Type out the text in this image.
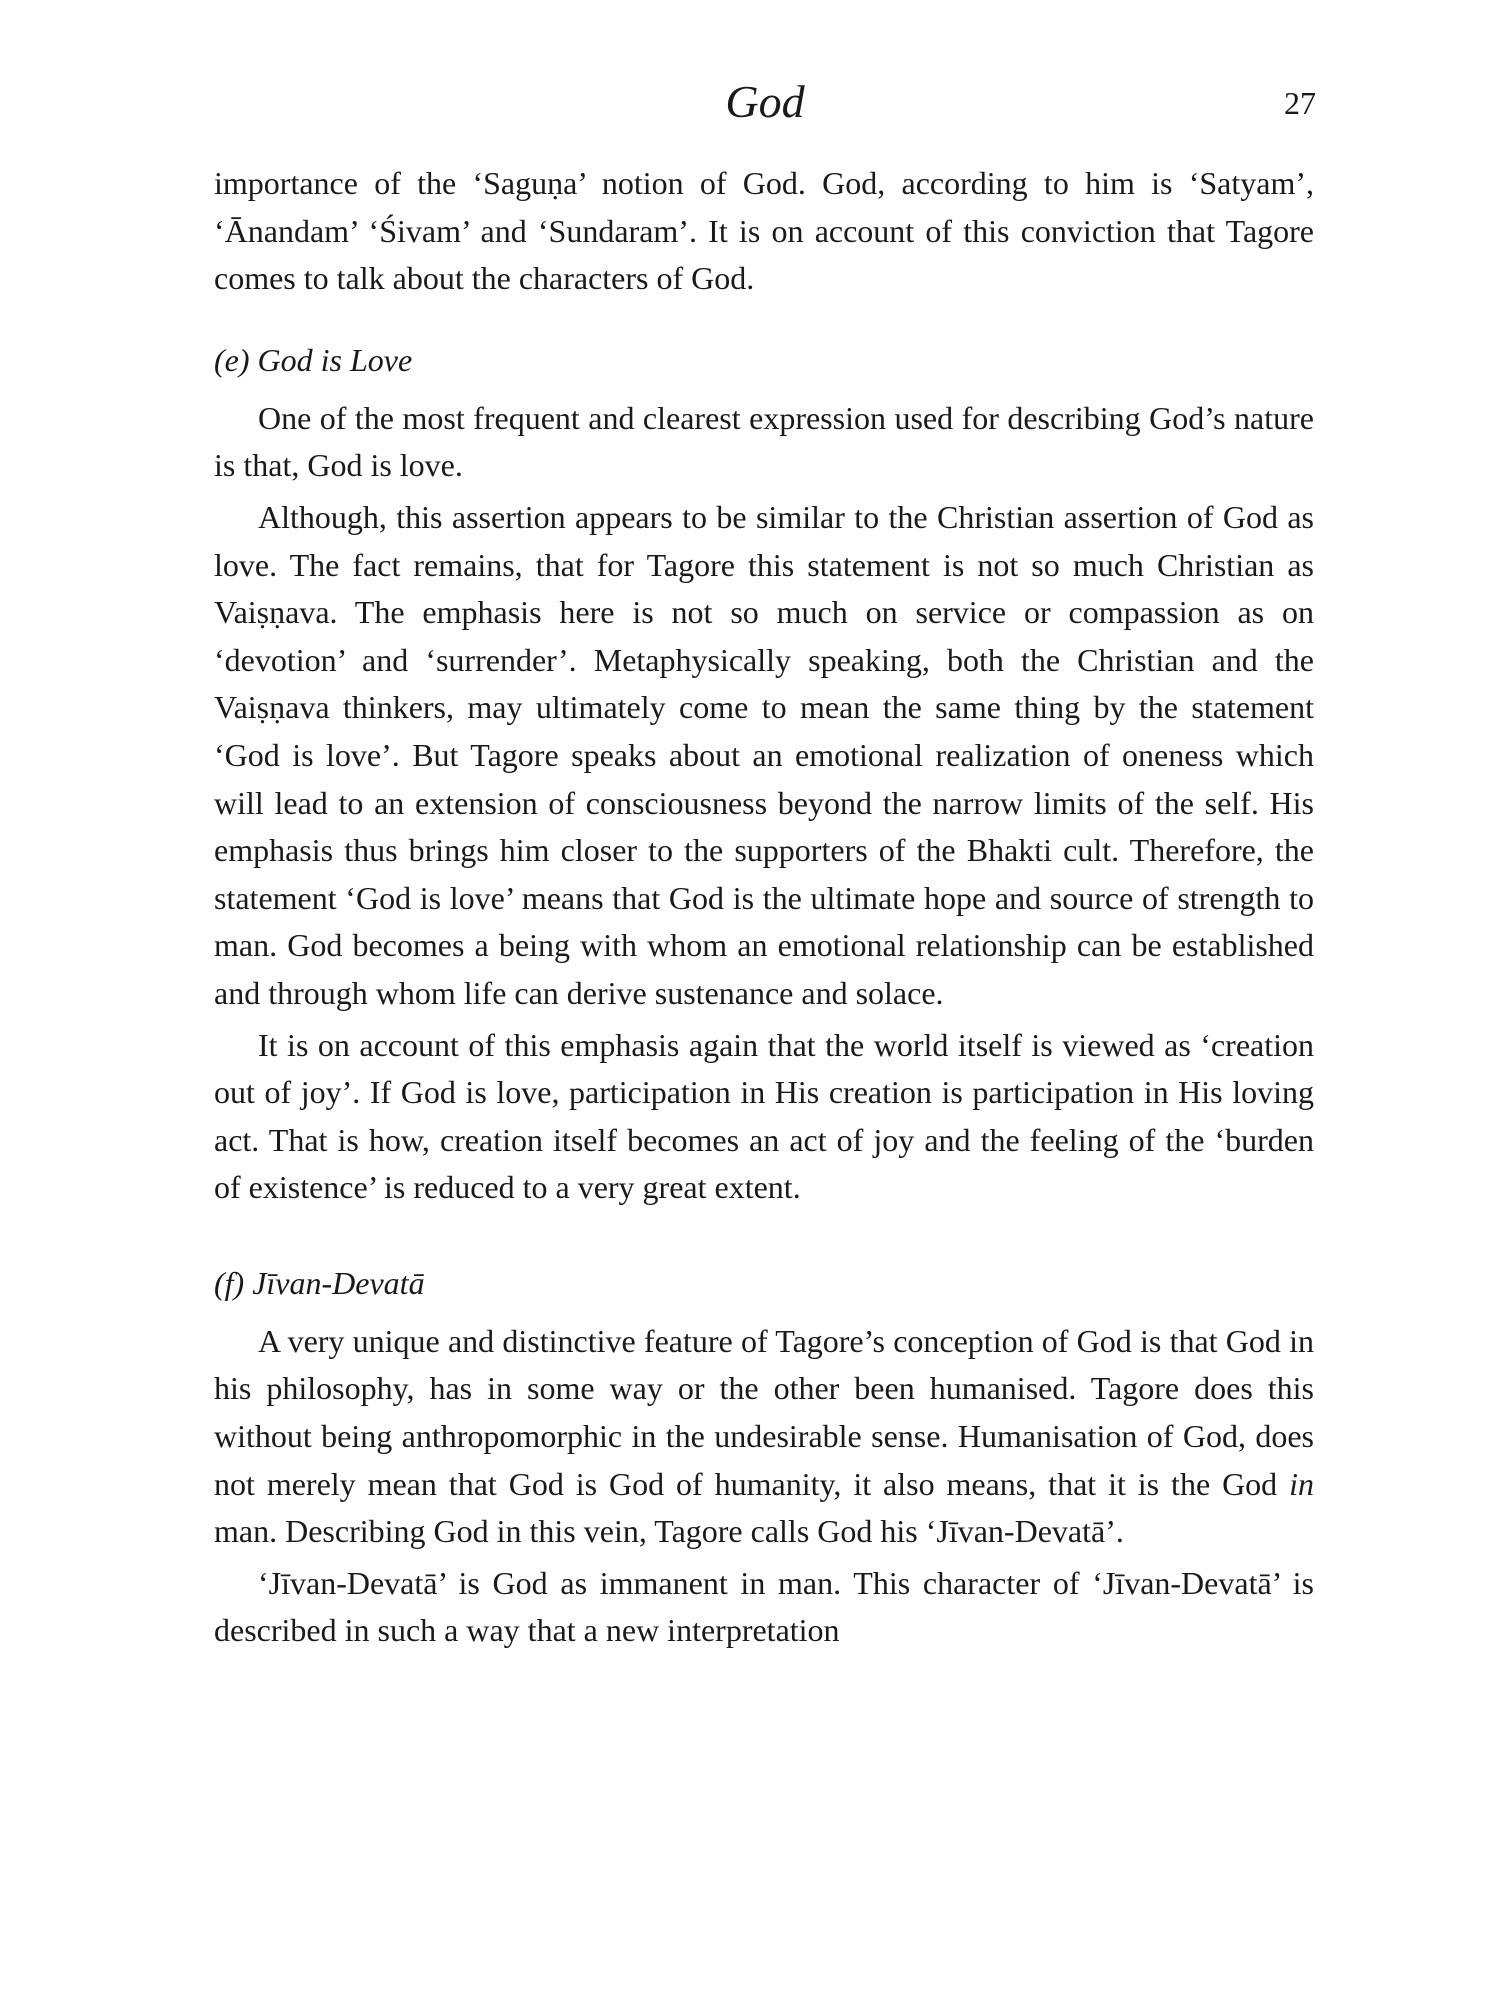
God	27

importance of the ‘Saguṇa’ notion of God. God, according to him is ‘Satyam’, ‘Ānandam’ ‘Śivam’ and ‘Sundaram’. It is on account of this conviction that Tagore comes to talk about the characters of God.

(e) God is Love

One of the most frequent and clearest expression used for describing God’s nature is that, God is love.

Although, this assertion appears to be similar to the Christian assertion of God as love. The fact remains, that for Tagore this statement is not so much Christian as Vaiṣṇava. The emphasis here is not so much on service or compassion as on ‘devotion’ and ‘surrender’. Metaphysically speaking, both the Christian and the Vaiṣṇava thinkers, may ultimately come to mean the same thing by the statement ‘God is love’. But Tagore speaks about an emotional realization of oneness which will lead to an extension of consciousness beyond the narrow limits of the self. His emphasis thus brings him closer to the supporters of the Bhakti cult. Therefore, the statement ‘God is love’ means that God is the ultimate hope and source of strength to man. God becomes a being with whom an emotional relationship can be established and through whom life can derive sustenance and solace.

It is on account of this emphasis again that the world itself is viewed as ‘creation out of joy’. If God is love, participation in His creation is participation in His loving act. That is how, creation itself becomes an act of joy and the feeling of the ‘burden of existence’ is reduced to a very great extent.

(f) Jīvan-Devatā

A very unique and distinctive feature of Tagore’s conception of God is that God in his philosophy, has in some way or the other been humanised. Tagore does this without being anthropomorphic in the undesirable sense. Humanisation of God, does not merely mean that God is God of humanity, it also means, that it is the God in man. Describing God in this vein, Tagore calls God his ‘Jīvan-Devatā’.

‘Jīvan-Devatā’ is God as immanent in man. This character of ‘Jīvan-Devatā’ is described in such a way that a new interpretation
